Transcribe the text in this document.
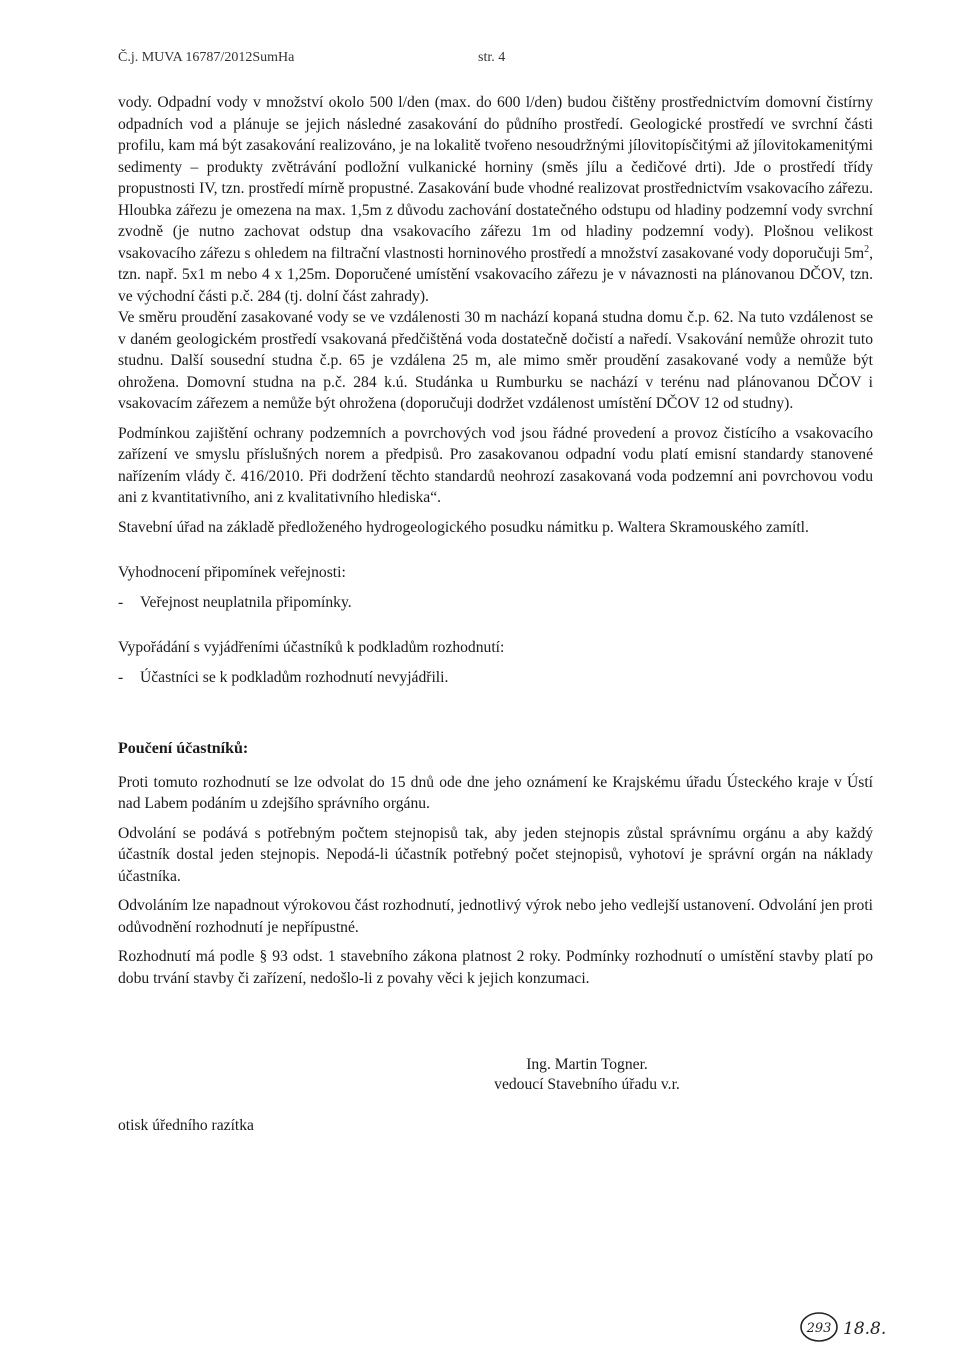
Č.j. MUVA 16787/2012SumHa	str. 4

vody. Odpadní vody v množství okolo 500 l/den (max. do 600 l/den) budou čištěny prostřednictvím domovní čistírny odpadních vod a plánuje se jejich následné zasakování do půdního prostředí. Geologické prostředí ve svrchní části profilu, kam má být zasakování realizováno, je na lokalitě tvořeno nesoudržnými jílovitopísčitými až jílovitokamenitými sedimenty – produkty zvětrávání podložní vulkanické horniny (směs jílu a čedičové drti). Jde o prostředí třídy propustnosti IV, tzn. prostředí mírně propustné. Zasakování bude vhodné realizovat prostřednictvím vsakovacího zářezu. Hloubka zářezu je omezena na max. 1,5m z důvodu zachování dostatečného odstupu od hladiny podzemní vody svrchní zvodně (je nutno zachovat odstup dna vsakovacího zářezu 1m od hladiny podzemní vody). Plošnou velikost vsakovacího zářezu s ohledem na filtrační vlastnosti horninového prostředí a množství zasakované vody doporučuji $5m^2$, tzn. např. 5x1 m nebo 4 x 1,25m. Doporučené umístění vsakovacího zářezu je v návaznosti na plánovanou DČOV, tzn. ve východní části p.č. 284 (tj. dolní část zahrady).

Ve směru proudění zasakované vody se ve vzdálenosti 30 m nachází kopaná studna domu č.p. 62. Na tuto vzdálenost se v daném geologickém prostředí vsakovaná předčištěná voda dostatečně dočistí a naředí. Vsakování nemůže ohrozit tuto studnu. Další sousední studna č.p. 65 je vzdálena 25 m, ale mimo směr proudění zasakované vody a nemůže být ohrožena. Domovní studna na p.č. 284 k.ú. Studánka u Rumburku se nachází v terénu nad plánovanou DČOV i vsakovacím zářezem a nemůže být ohrožena (doporučuji dodržet vzdálenost umístění DČOV 12 od studny).

Podmínkou zajištění ochrany podzemních a povrchových vod jsou řádné provedení a provoz čistícího a vsakovacího zařízení ve smyslu příslušných norem a předpisů. Pro zasakovanou odpadní vodu platí emisní standardy stanovené nařízením vlády č. 416/2010. Při dodržení těchto standardů neohrozí zasakovaná voda podzemní ani povrchovou vodu ani z kvantitativního, ani z kvalitativního hlediska“.

Stavební úřad na základě předloženého hydrogeologického posudku námitku p. Waltera Skramouského zamítl.

Vyhodnocení připomínek veřejnosti:

- Veřejnost neuplatnila připomínky.

Vypořádání s vyjádřeními účastníků k podkladům rozhodnutí:

- Účastníci se k podkladům rozhodnutí nevyjádřili.

Poučení účastníků:

Proti tomuto rozhodnutí se lze odvolat do 15 dnů ode dne jeho oznámení ke Krajskému úřadu Ústeckého kraje v Ústí nad Labem podáním u zdejšího správního orgánu.

Odvolání se podává s potřebným počtem stejnopisů tak, aby jeden stejnopis zůstal správnímu orgánu a aby každý účastník dostal jeden stejnopis. Nepodá-li účastník potřebný počet stejnopisů, vyhotoví je správní orgán na náklady účastníka.

Odvoláním lze napadnout výrokovou část rozhodnutí, jednotlivý výrok nebo jeho vedlejší ustanovení. Odvolání jen proti odůvodnění rozhodnutí je nepřípustné.

Rozhodnutí má podle § 93 odst. 1 stavebního zákona platnost 2 roky. Podmínky rozhodnutí o umístění stavby platí po dobu trvání stavby či zařízení, nedošlo-li z povahy věci k jejich konzumaci.

Ing. Martin Togner.
vedoucí Stavebního úřadu v.r.
otisk úředního razítka
293 18.8.
